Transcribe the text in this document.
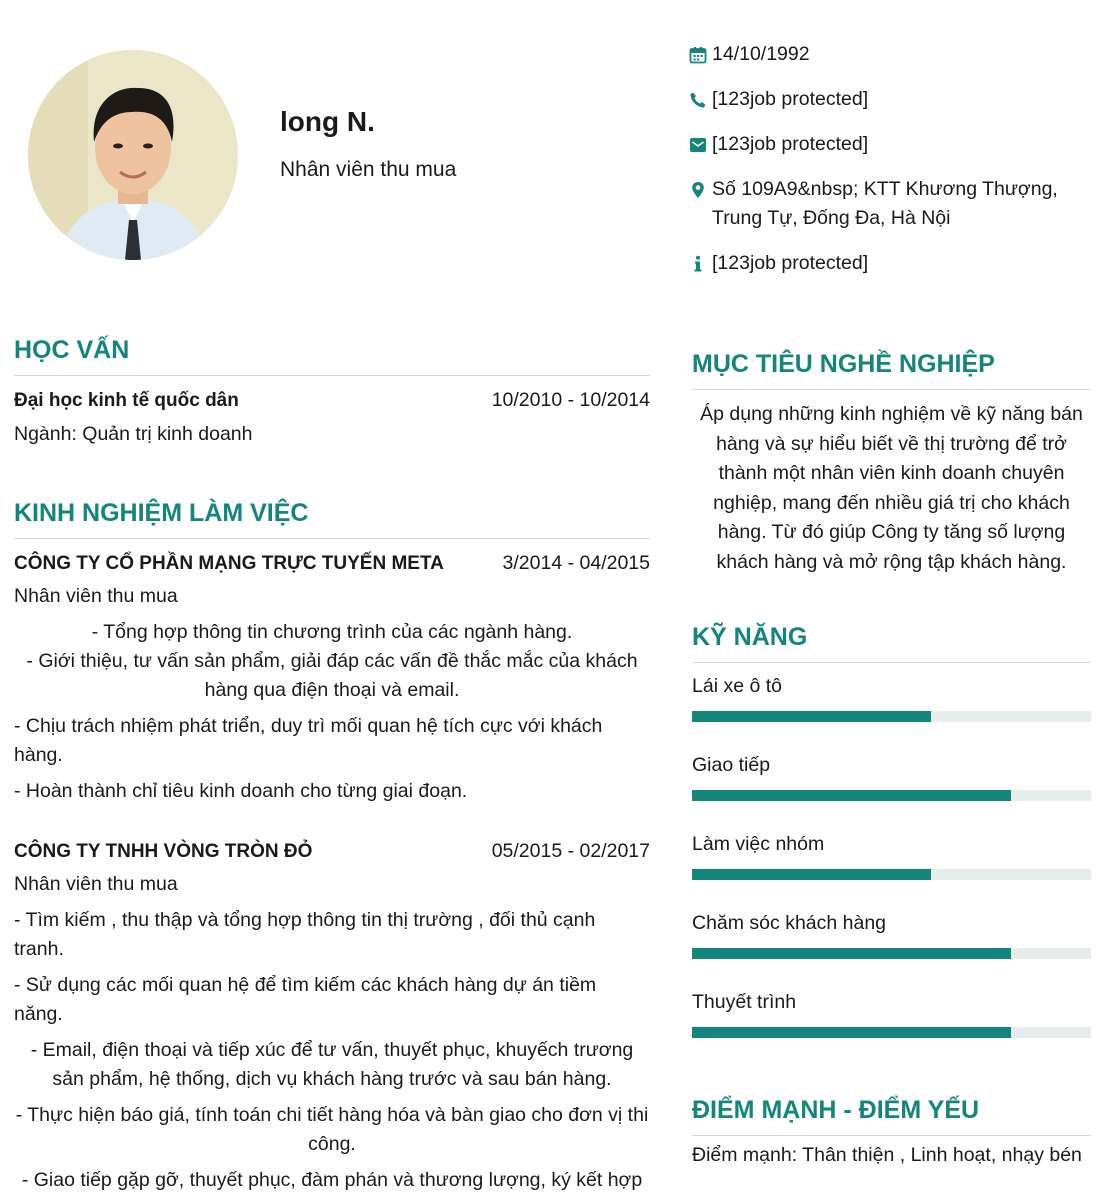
long N.
Nhân viên thu mua
14/10/1992
[123job protected]
[123job protected]
Số 109A9&nbsp; KTT Khương Thượng, Trung Tự, Đống Đa, Hà Nội
[123job protected]
HỌC VẤN
Đại học kinh tế quốc dân	10/2010 - 10/2014
Ngành: Quản trị kinh doanh
KINH NGHIỆM LÀM VIỆC
CÔNG TY CỔ PHẦN MẠNG TRỰC TUYẾN META	3/2014 - 04/2015
Nhân viên thu mua
- Tổng hợp thông tin chương trình của các ngành hàng.
- Giới thiệu, tư vấn sản phẩm, giải đáp các vấn đề thắc mắc của khách hàng qua điện thoại và email.
- Chịu trách nhiệm phát triển, duy trì mối quan hệ tích cực với khách hàng.
- Hoàn thành chỉ tiêu kinh doanh cho từng giai đoạn.
CÔNG TY TNHH VÒNG TRÒN ĐỎ	05/2015 - 02/2017
Nhân viên thu mua
- Tìm kiếm , thu thập và tổng hợp thông tin thị trường , đối thủ cạnh tranh.
- Sử dụng các mối quan hệ để tìm kiếm các khách hàng dự án tiềm năng.
- Email, điện thoại và tiếp xúc để tư vấn, thuyết phục, khuyếch trương sản phẩm, hệ thống, dịch vụ khách hàng trước và sau bán hàng.
- Thực hiện báo giá, tính toán chi tiết hàng hóa và bàn giao cho đơn vị thi công.
- Giao tiếp gặp gỡ, thuyết phục, đàm phán và thương lượng, ký kết hợp
MỤC TIÊU NGHỀ NGHIỆP
Áp dụng những kinh nghiệm về kỹ năng bán hàng và sự hiểu biết về thị trường để trở thành một nhân viên kinh doanh chuyên nghiệp, mang đến nhiều giá trị cho khách hàng. Từ đó giúp Công ty tăng số lượng khách hàng và mở rộng tập khách hàng.
KỸ NĂNG
Lái xe ô tô
Giao tiếp
Làm việc nhóm
Chăm sóc khách hàng
Thuyết trình
ĐIỂM MẠNH - ĐIỂM YẾU
Điểm mạnh: Thân thiện , Linh hoạt, nhạy bén
